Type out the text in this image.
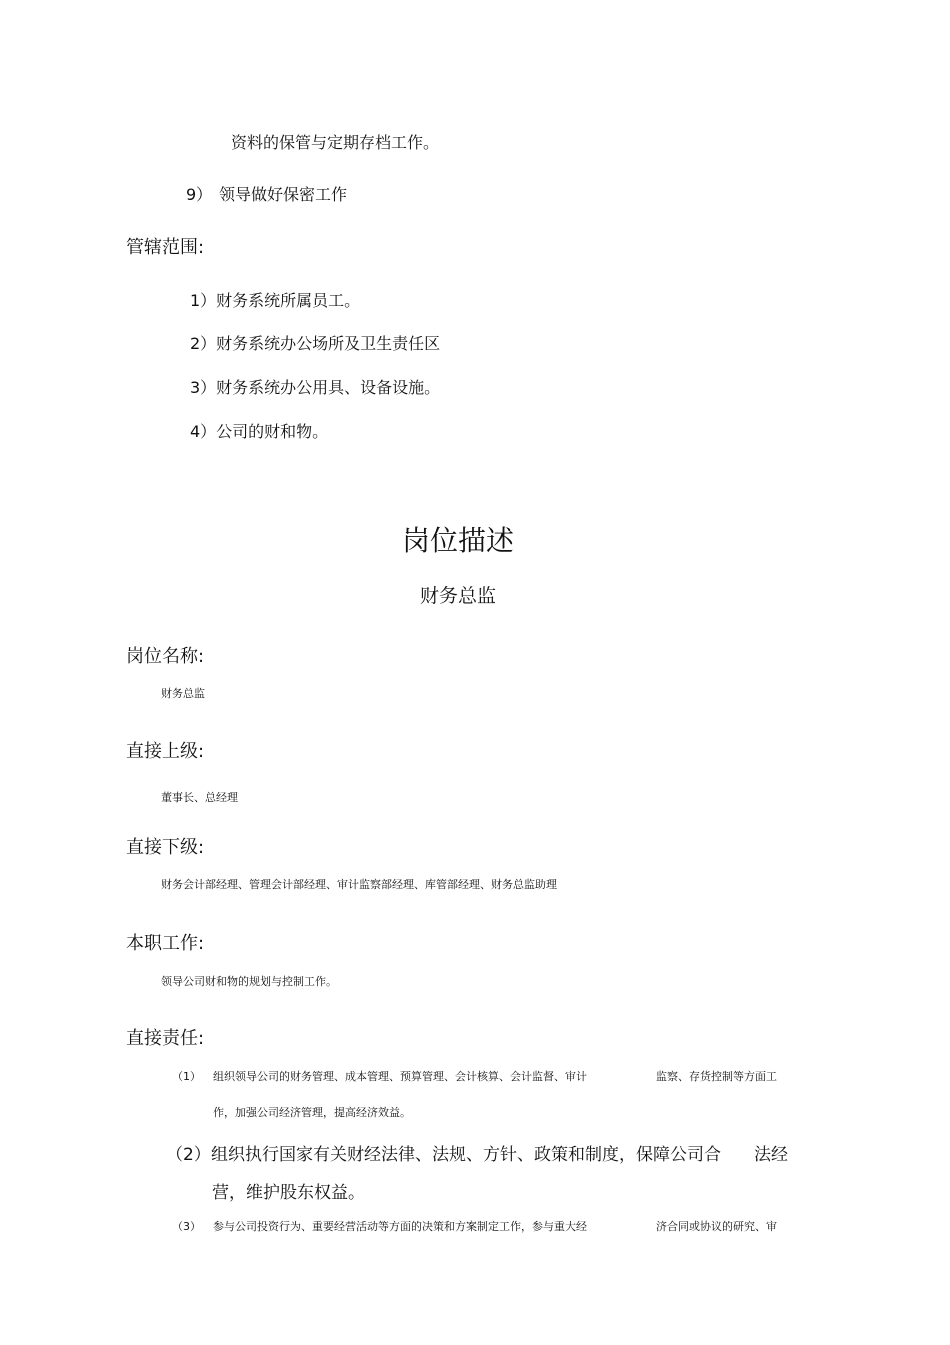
资料的保管与定期存档工作。
9） 领导做好保密工作
管辖范围:
1）财务系统所属员工。
2）财务系统办公场所及卫生责任区
3）财务系统办公用具、设备设施。
4）公司的财和物。
岗位描述
财务总监
岗位名称:
财务总监
直接上级:
董事长、总经理
直接下级:
财务会计部经理、管理会计部经理、审计监察部经理、库管部经理、财务总监助理
本职工作:
领导公司财和物的规划与控制工作。
直接责任:
（1） 组织领导公司的财务管理、成本管理、预算管理、会计核算、会计监督、审计	监察、存货控制等方面工
作，加强公司经济管理，提高经济效益。
（2） 组织执行国家有关财经法律、法规、方针、政策和制度，保障公司合 法经
营，维护股东权益。
（3） 参与公司投资行为、重要经营活动等方面的决策和方案制定工作，参与重大经	济合同或协议的研究、审
